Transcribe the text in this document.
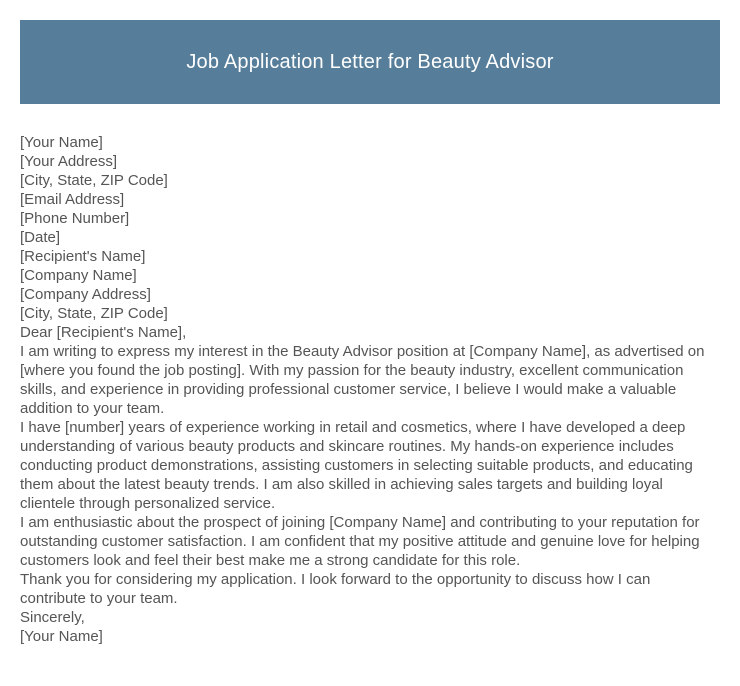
Job Application Letter for Beauty Advisor
[Your Name]
[Your Address]
[City, State, ZIP Code]
[Email Address]
[Phone Number]
[Date]
[Recipient's Name]
[Company Name]
[Company Address]
[City, State, ZIP Code]
Dear [Recipient's Name],

I am writing to express my interest in the Beauty Advisor position at [Company Name], as advertised on [where you found the job posting]. With my passion for the beauty industry, excellent communication skills, and experience in providing professional customer service, I believe I would make a valuable addition to your team.

I have [number] years of experience working in retail and cosmetics, where I have developed a deep understanding of various beauty products and skincare routines. My hands-on experience includes conducting product demonstrations, assisting customers in selecting suitable products, and educating them about the latest beauty trends. I am also skilled in achieving sales targets and building loyal clientele through personalized service.

I am enthusiastic about the prospect of joining [Company Name] and contributing to your reputation for outstanding customer satisfaction. I am confident that my positive attitude and genuine love for helping customers look and feel their best make me a strong candidate for this role.

Thank you for considering my application. I look forward to the opportunity to discuss how I can contribute to your team.

Sincerely,
[Your Name]
